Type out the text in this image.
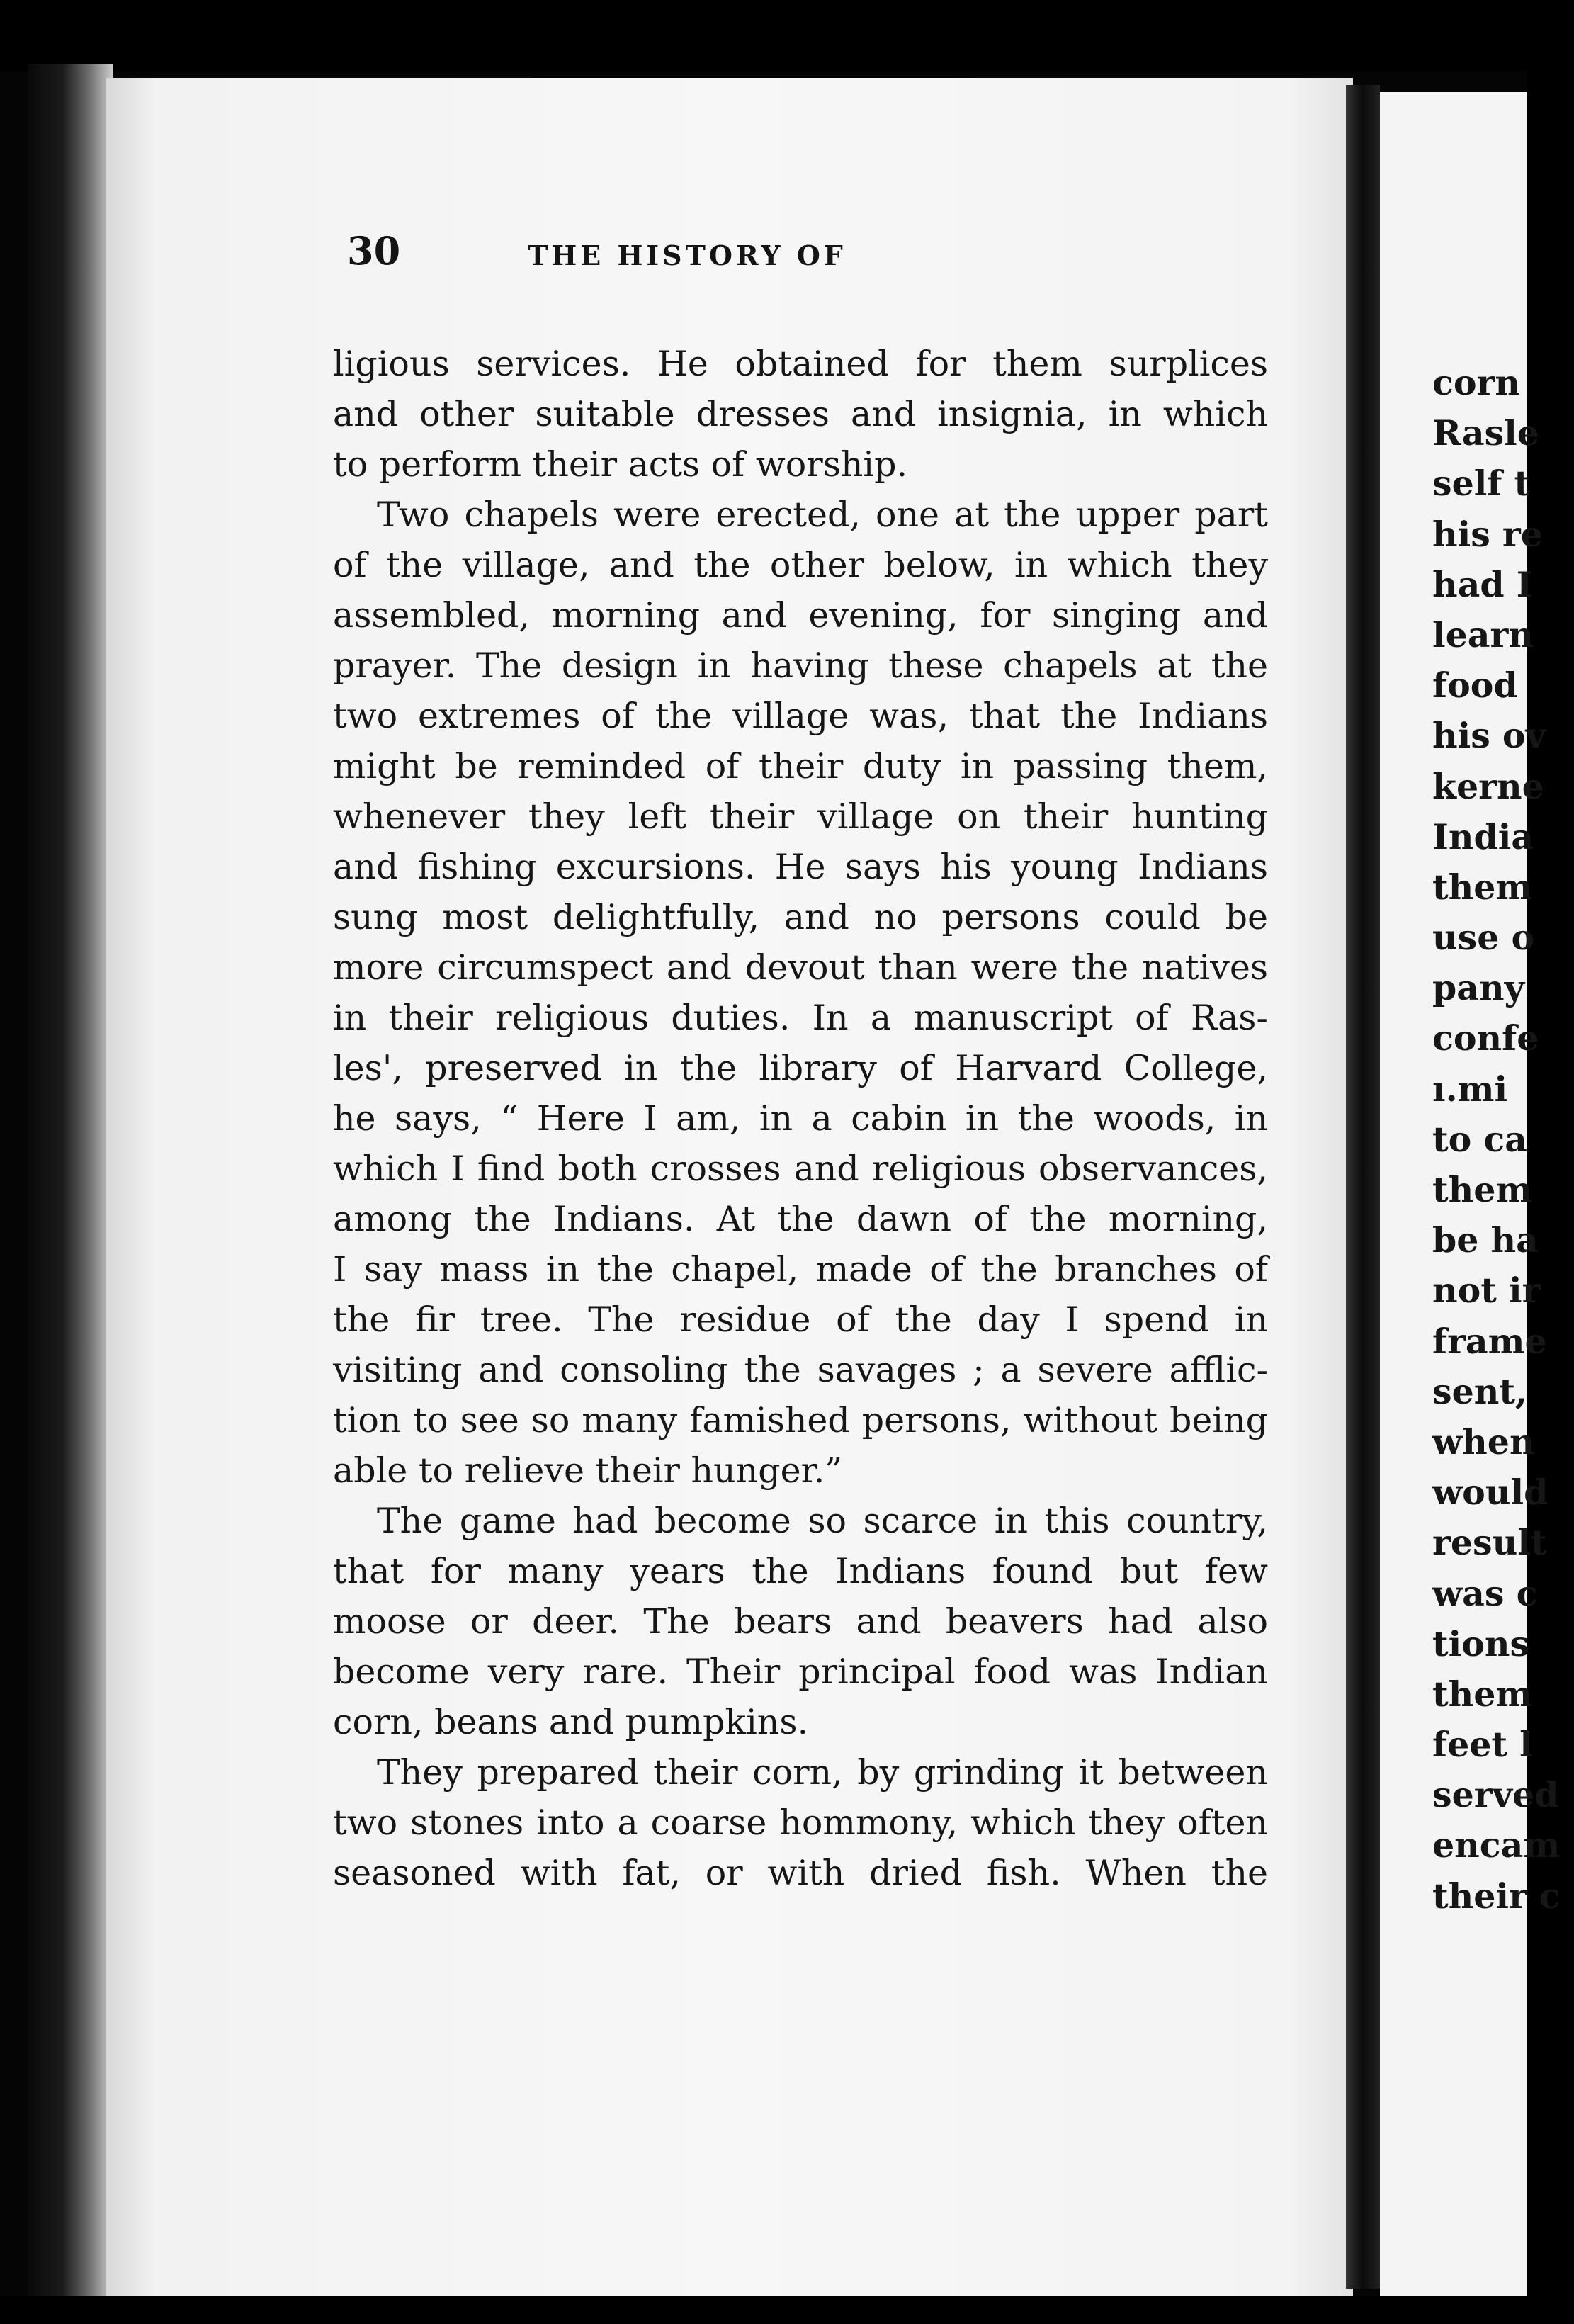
30	THE HISTORY OF
ligious services. He obtained for them surplices
and other suitable dresses and insignia, in which
to perform their acts of worship.
Two chapels were erected, one at the upper part
of the village, and the other below, in which they
assembled, morning and evening, for singing and
prayer. The design in having these chapels at the
two extremes of the village was, that the Indians
might be reminded of their duty in passing them,
whenever they left their village on their hunting
and fishing excursions. He says his young Indians
sung most delightfully, and no persons could be
more circumspect and devout than were the natives
in their religious duties. In a manuscript of Ras-
les', preserved in the library of Harvard College,
he says, “ Here I am, in a cabin in the woods, in
which I find both crosses and religious observances,
among the Indians. At the dawn of the morning,
I say mass in the chapel, made of the branches of
the fir tree. The residue of the day I spend in
visiting and consoling the savages ; a severe afflic-
tion to see so many famished persons, without being
able to relieve their hunger.”
The game had become so scarce in this country,
that for many years the Indians found but few
moose or deer. The bears and beavers had also
become very rare. Their principal food was Indian
corn, beans and pumpkins.
They prepared their corn, by grinding it between
two stones into a coarse hommony, which they often
seasoned with fat, or with dried fish. When the
corn
Rasle
self t
his re
had I
learn
food
his ov
kerne
India
them
use o
pany
confe
ı.mi
to ca
them
be ha
not ir
frame
sent,
when
would
result
was c
tions
them
feet l
served
encam
their c
